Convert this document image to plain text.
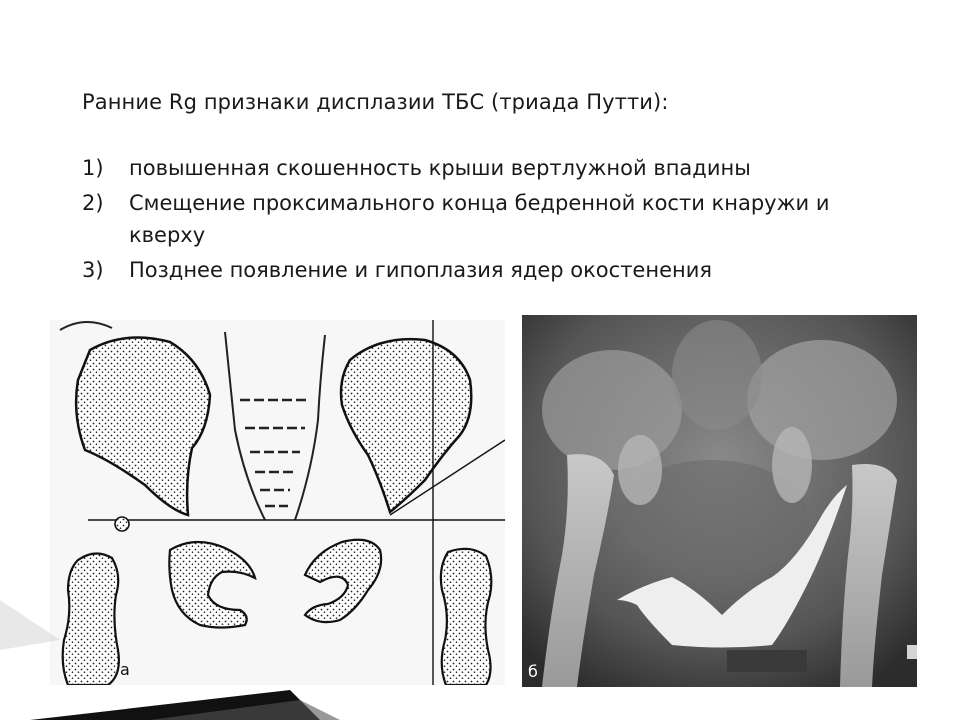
Ранние Rg признаки дисплазии ТБС (триада Путти):
1) повышенная скошенность крыши вертлужной впадины
2) Смещение проксимального конца бедренной кости кнаружи и кверху
3) Позднее появление и гипоплазия ядер окостенения
а	б
